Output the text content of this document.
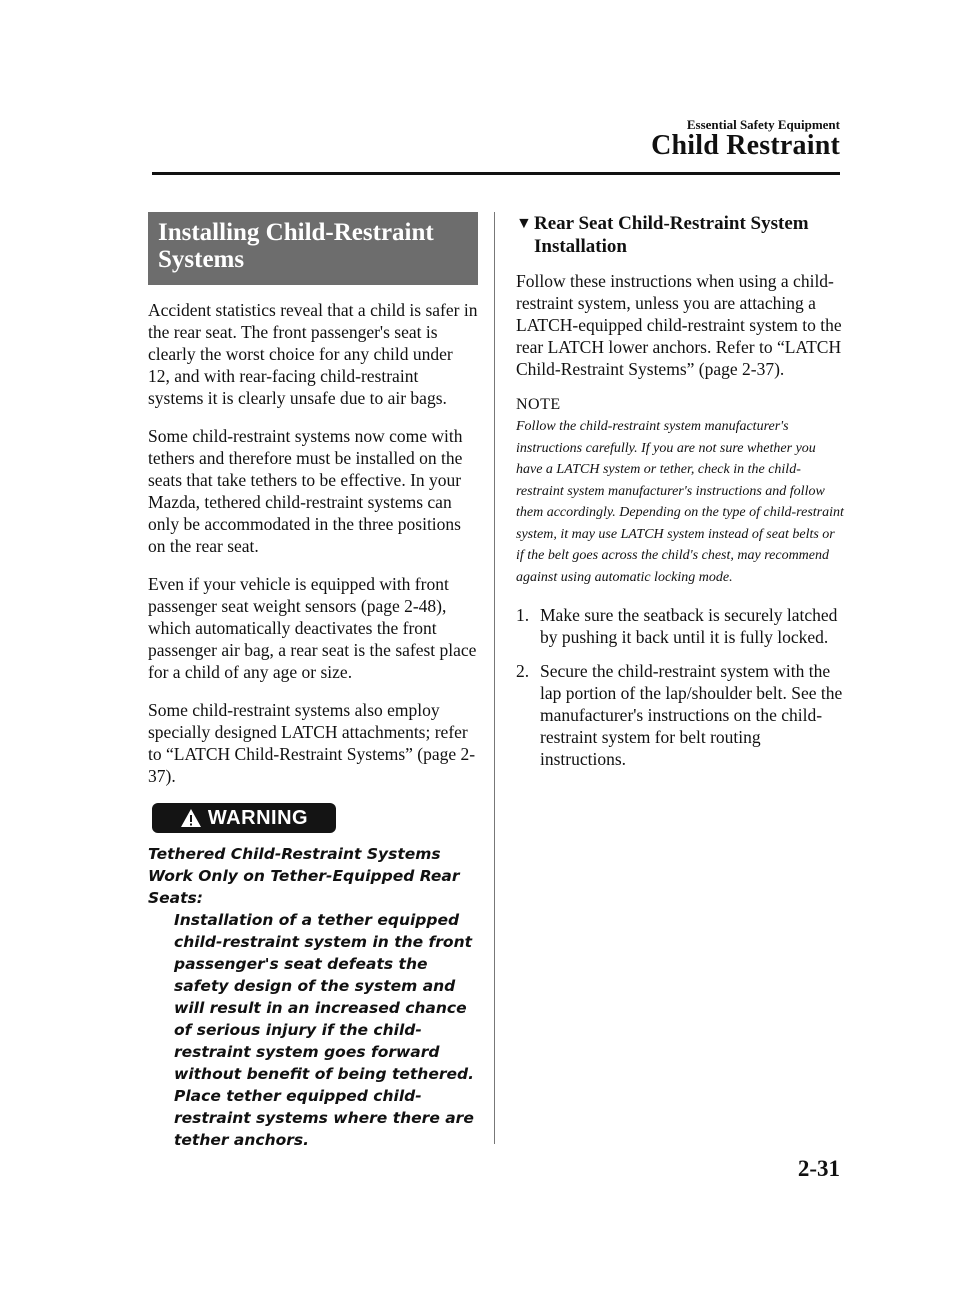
Essential Safety Equipment
Child Restraint
Installing Child-Restraint Systems

Accident statistics reveal that a child is safer in the rear seat. The front passenger's seat is clearly the worst choice for any child under 12, and with rear-facing child-restraint systems it is clearly unsafe due to air bags.

Some child-restraint systems now come with tethers and therefore must be installed on the seats that take tethers to be effective. In your Mazda, tethered child-restraint systems can only be accommodated in the three positions on the rear seat.

Even if your vehicle is equipped with front passenger seat weight sensors (page 2-48), which automatically deactivates the front passenger air bag, a rear seat is the safest place for a child of any age or size.

Some child-restraint systems also employ specially designed LATCH attachments; refer to “LATCH Child-Restraint Systems” (page 2-37).

WARNING

Tethered Child-Restraint Systems Work Only on Tether-Equipped Rear Seats:

Installation of a tether equipped child-restraint system in the front passenger's seat defeats the safety design of the system and will result in an increased chance of serious injury if the child-restraint system goes forward without benefit of being tethered.

Place tether equipped child-restraint systems where there are tether anchors.

▼ Rear Seat Child-Restraint System Installation

Follow these instructions when using a child-restraint system, unless you are attaching a LATCH-equipped child-restraint system to the rear LATCH lower anchors. Refer to “LATCH Child-Restraint Systems” (page 2-37).

NOTE

Follow the child-restraint system manufacturer's instructions carefully. If you are not sure whether you have a LATCH system or tether, check in the child-restraint system manufacturer's instructions and follow them accordingly. Depending on the type of child-restraint system, it may use LATCH system instead of seat belts or if the belt goes across the child's chest, may recommend against using automatic locking mode.

1. Make sure the seatback is securely latched by pushing it back until it is fully locked.
2. Secure the child-restraint system with the lap portion of the lap/shoulder belt. See the manufacturer's instructions on the child-restraint system for belt routing instructions.
2-31
